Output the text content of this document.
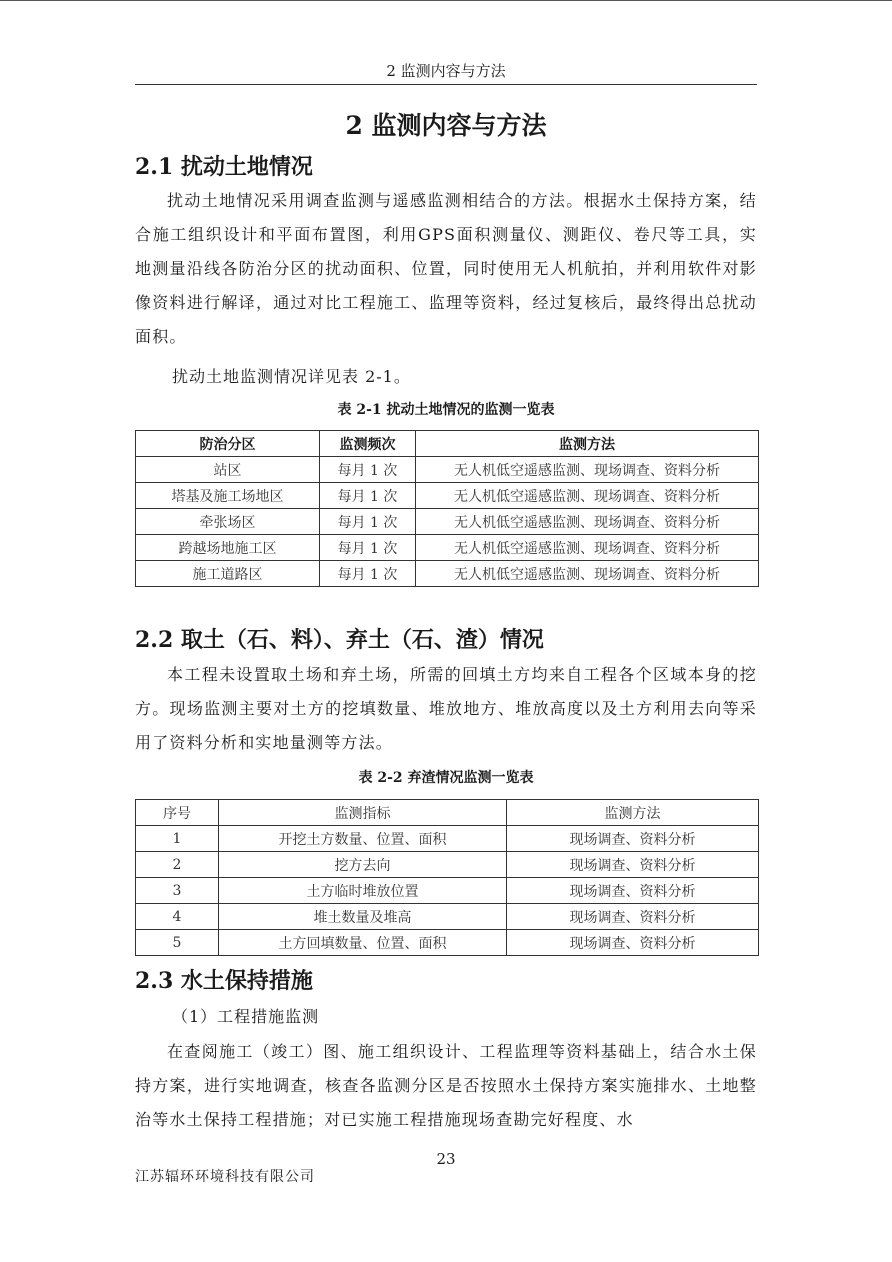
2 监测内容与方法
2 监测内容与方法
2.1 扰动土地情况

扰动土地情况采用调查监测与遥感监测相结合的方法。根据水土保持方案，结合施工组织设计和平面布置图，利用GPS面积测量仪、测距仪、卷尺等工具，实地测量沿线各防治分区的扰动面积、位置，同时使用无人机航拍，并利用软件对影像资料进行解译，通过对比工程施工、监理等资料，经过复核后，最终得出总扰动面积。

扰动土地监测情况详见表 2-1。
表 2-1 扰动土地情况的监测一览表
防治分区	监测频次	监测方法
站区	每月 1 次	无人机低空遥感监测、现场调查、资料分析
塔基及施工场地区	每月 1 次	无人机低空遥感监测、现场调查、资料分析
牵张场区	每月 1 次	无人机低空遥感监测、现场调查、资料分析
跨越场地施工区	每月 1 次	无人机低空遥感监测、现场调查、资料分析
施工道路区	每月 1 次	无人机低空遥感监测、现场调查、资料分析
2.2 取土（石、料）、弃土（石、渣）情况

本工程未设置取土场和弃土场，所需的回填土方均来自工程各个区域本身的挖方。现场监测主要对土方的挖填数量、堆放地方、堆放高度以及土方利用去向等采用了资料分析和实地量测等方法。

表 2-2 弃渣情况监测一览表
序号	监测指标	监测方法
1	开挖土方数量、位置、面积	现场调查、资料分析
2	挖方去向	现场调查、资料分析
3	土方临时堆放位置	现场调查、资料分析
4	堆土数量及堆高	现场调查、资料分析
5	土方回填数量、位置、面积	现场调查、资料分析
2.3 水土保持措施
（1）工程措施监测

在查阅施工（竣工）图、施工组织设计、工程监理等资料基础上，结合水土保持方案，进行实地调查，核查各监测分区是否按照水土保持方案实施排水、土地整治等水土保持工程措施；对已实施工程措施现场查勘完好程度、水

23
江苏辐环环境科技有限公司
